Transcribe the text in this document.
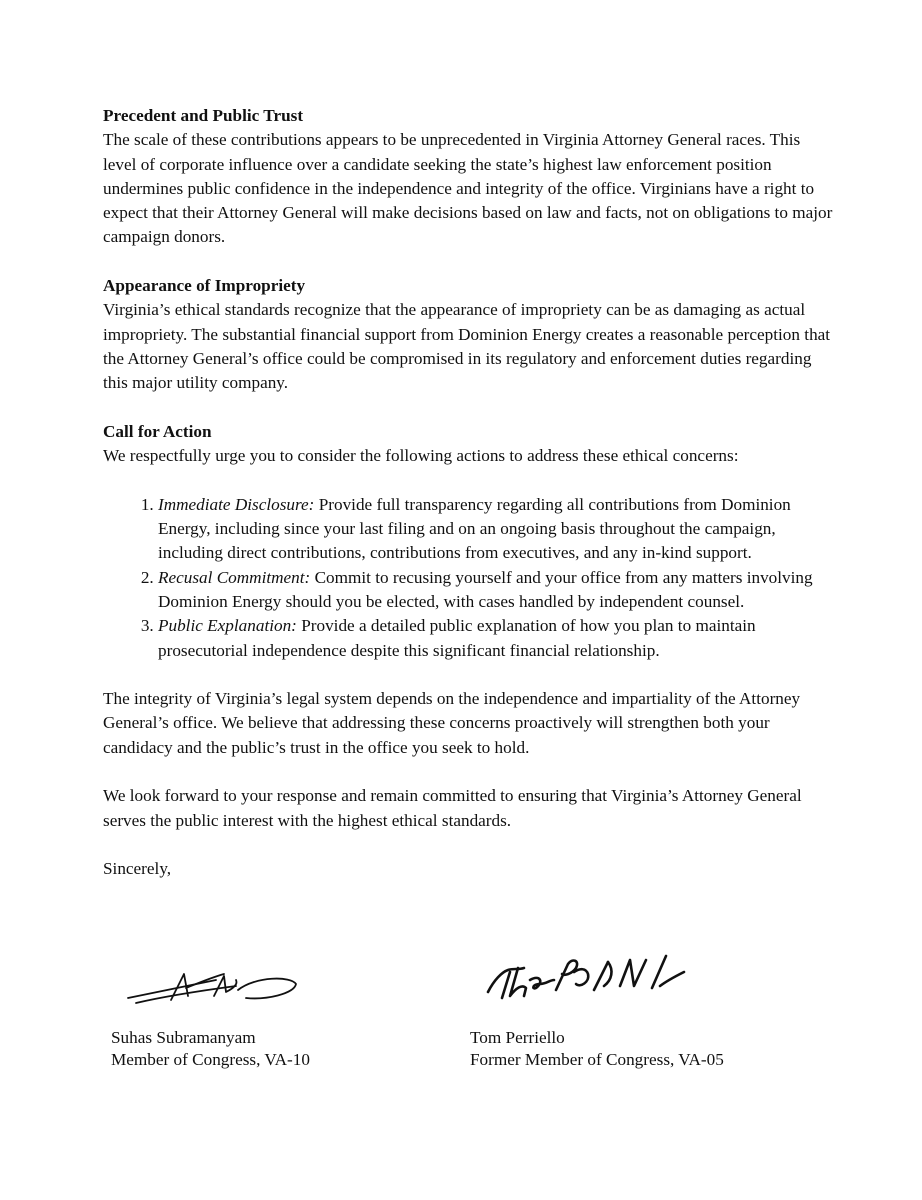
Precedent and Public Trust

The scale of these contributions appears to be unprecedented in Virginia Attorney General races. This level of corporate influence over a candidate seeking the state’s highest law enforcement position undermines public confidence in the independence and integrity of the office. Virginians have a right to expect that their Attorney General will make decisions based on law and facts, not on obligations to major campaign donors.

Appearance of Impropriety

Virginia’s ethical standards recognize that the appearance of impropriety can be as damaging as actual impropriety. The substantial financial support from Dominion Energy creates a reasonable perception that the Attorney General’s office could be compromised in its regulatory and enforcement duties regarding this major utility company.

Call for Action

We respectfully urge you to consider the following actions to address these ethical concerns:

1. Immediate Disclosure: Provide full transparency regarding all contributions from Dominion Energy, including since your last filing and on an ongoing basis throughout the campaign, including direct contributions, contributions from executives, and any in-kind support.
2. Recusal Commitment: Commit to recusing yourself and your office from any matters involving Dominion Energy should you be elected, with cases handled by independent counsel.
3. Public Explanation: Provide a detailed public explanation of how you plan to maintain prosecutorial independence despite this significant financial relationship.

The integrity of Virginia’s legal system depends on the independence and impartiality of the Attorney General’s office. We believe that addressing these concerns proactively will strengthen both your candidacy and the public’s trust in the office you seek to hold.

We look forward to your response and remain committed to ensuring that Virginia’s Attorney General serves the public interest with the highest ethical standards.

Sincerely,

Suhas Subramanyam
Member of Congress, VA-10
Tom Perriello
Former Member of Congress, VA-05
